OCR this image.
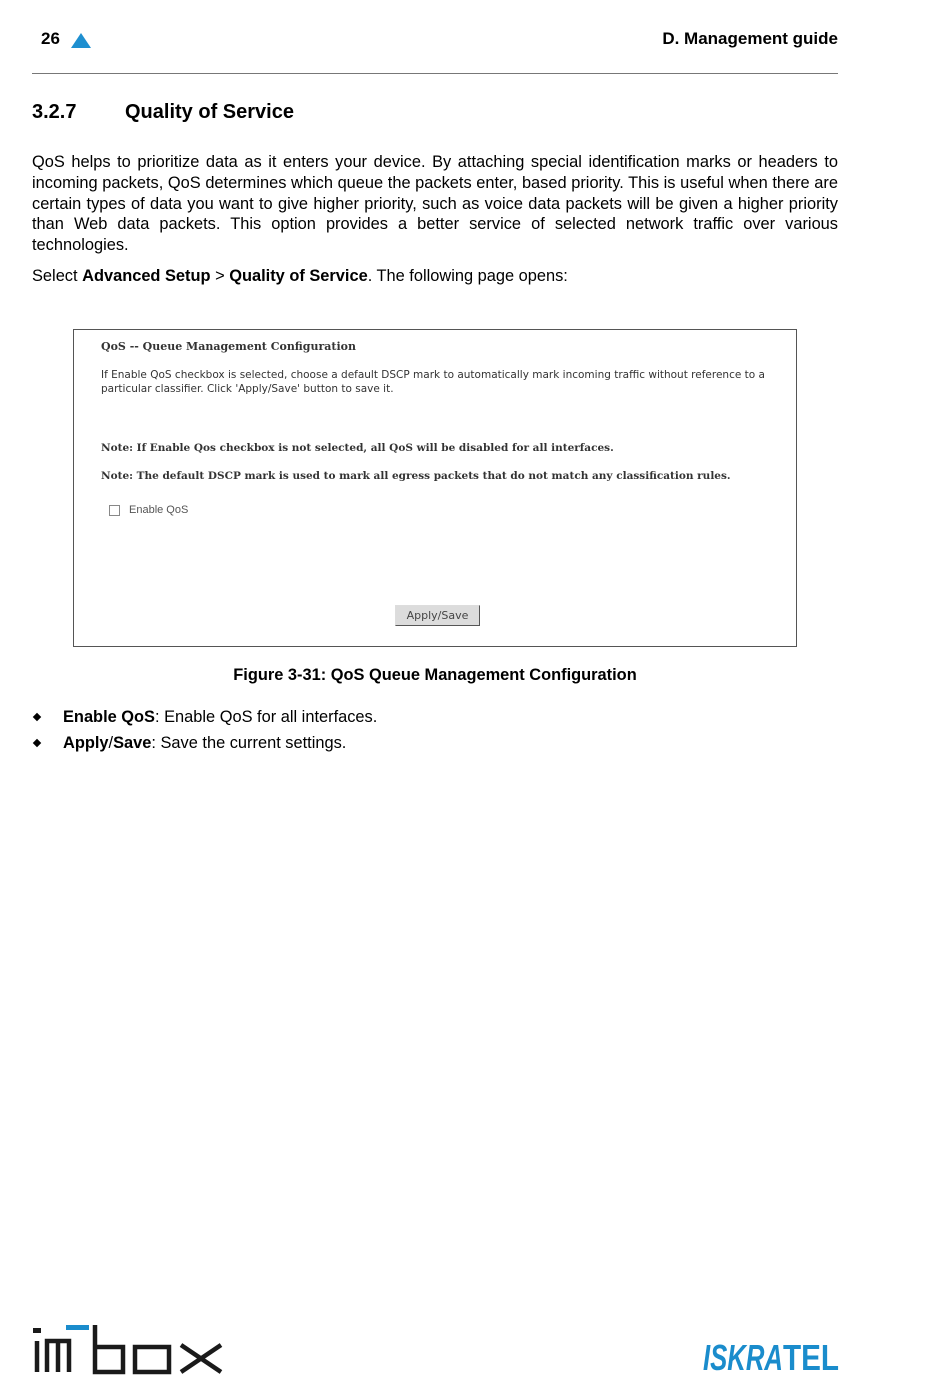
26	D. Management guide
3.2.7 Quality of Service
QoS helps to prioritize data as it enters your device. By attaching special identification marks or headers to incoming packets, QoS determines which queue the packets enter, based priority. This is useful when there are certain types of data you want to give higher priority, such as voice data packets will be given a higher priority than Web data packets. This option provides a better service of selected network traffic over various technologies.
Select Advanced Setup > Quality of Service. The following page opens:
QoS -- Queue Management Configuration
If Enable QoS checkbox is selected, choose a default DSCP mark to automatically mark incoming traffic without reference to a particular classifier. Click 'Apply/Save' button to save it.
Note: If Enable Qos checkbox is not selected, all QoS will be disabled for all interfaces.
Note: The default DSCP mark is used to mark all egress packets that do not match any classification rules.
Enable QoS
Apply/Save
Figure 3-31: QoS Queue Management Configuration
Enable QoS: Enable QoS for all interfaces.
Apply/Save: Save the current settings.
ISKRA TEL
